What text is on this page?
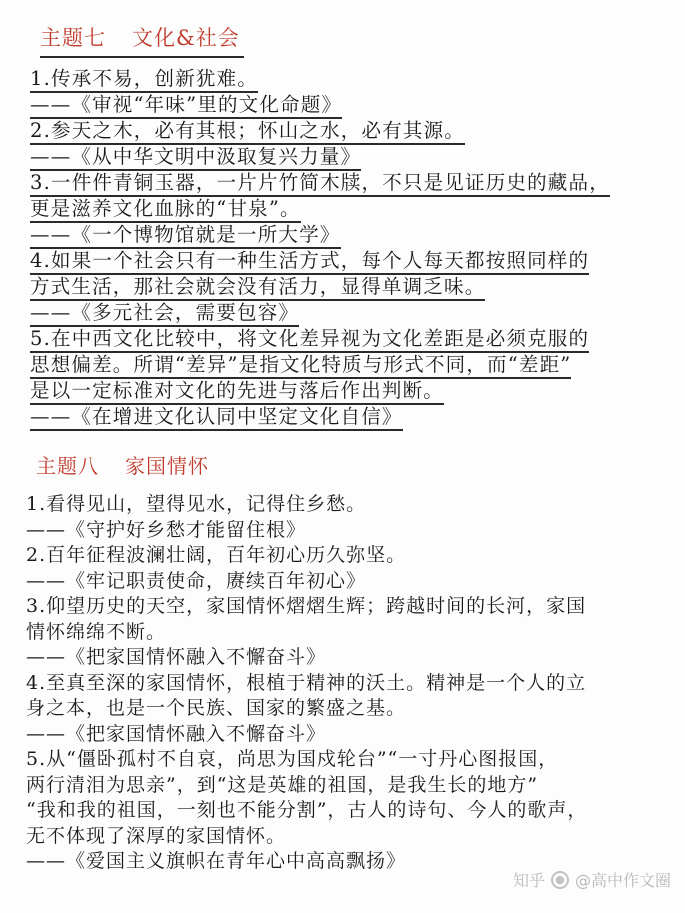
主题七 文化&社会
1.传承不易，创新犹难。
——《审视“年味”里的文化命题》
2.参天之木，必有其根；怀山之水，必有其源。
——《从中华文明中汲取复兴力量》
3.一件件青铜玉器，一片片竹简木牍，不只是见证历史的藏品，
更是滋养文化血脉的“甘泉”。
——《一个博物馆就是一所大学》
4.如果一个社会只有一种生活方式，每个人每天都按照同样的
方式生活，那社会就会没有活力，显得单调乏味。
——《多元社会，需要包容》
5.在中西文化比较中，将文化差异视为文化差距是必须克服的
思想偏差。所谓“差异”是指文化特质与形式不同，而“差距”
是以一定标准对文化的先进与落后作出判断。
——《在增进文化认同中坚定文化自信》
主题八 家国情怀
1.看得见山，望得见水，记得住乡愁。
——《守护好乡愁才能留住根》
2.百年征程波澜壮阔，百年初心历久弥坚。
——《牢记职责使命，赓续百年初心》
3.仰望历史的天空，家国情怀熠熠生辉；跨越时间的长河，家国
情怀绵绵不断。
——《把家国情怀融入不懈奋斗》
4.至真至深的家国情怀，根植于精神的沃土。精神是一个人的立
身之本，也是一个民族、国家的繁盛之基。
——《把家国情怀融入不懈奋斗》
5.从“僵卧孤村不自哀，尚思为国戍轮台”“一寸丹心图报国，
两行清泪为思亲”，到“这是英雄的祖国，是我生长的地方”
“我和我的祖国，一刻也不能分割”，古人的诗句、今人的歌声，
无不体现了深厚的家国情怀。
——《爱国主义旗帜在青年心中高高飘扬》
知乎 ● @高中作文圈
